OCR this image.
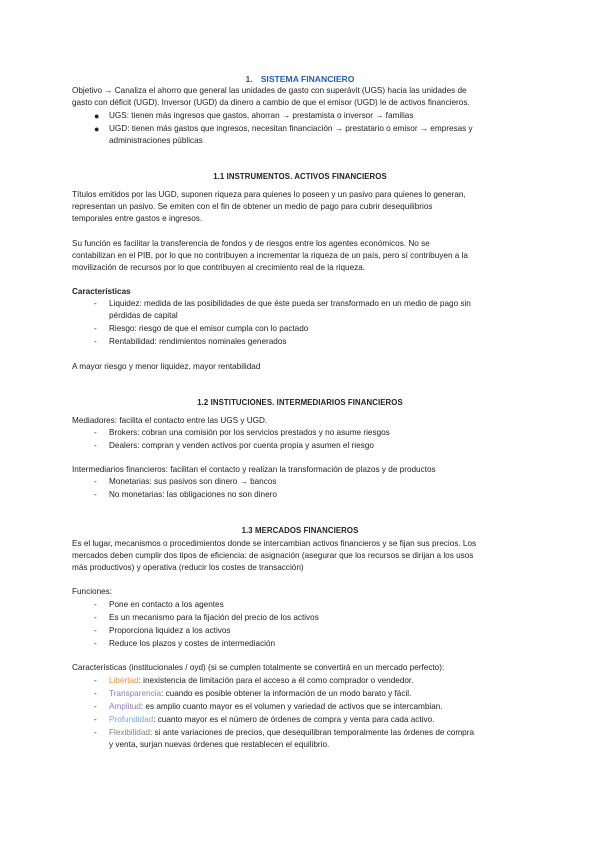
1. SISTEMA FINANCIERO
Objetivo → Canaliza el ahorro que general las unidades de gasto con superávit (UGS) hacia las unidades de
gasto con déficit (UGD). Inversor (UGD) da dinero a cambio de que el emisor (UGD) le de activos financieros.
● UGS: tienen más ingresos que gastos, ahorran → prestamista o inversor → familias
● UGD: tienen más gastos que ingresos, necesitan financiación → prestatario o emisor → empresas y
administraciones públicas
1.1 INSTRUMENTOS. ACTIVOS FINANCIEROS
Títulos emitidos por las UGD, suponen riqueza para quienes lo poseen y un pasivo para quienes lo generan,
representan un pasivo. Se emiten con el fin de obtener un medio de pago para cubrir desequilibrios
temporales entre gastos e ingresos.
Su función es facilitar la transferencia de fondos y de riesgos entre los agentes económicos. No se
contabilizan en el PIB, por lo que no contribuyen a incrementar la riqueza de un país, pero sí contribuyen a la
movilización de recursos por lo que contribuyen al crecimiento real de la riqueza.
Características
- Liquidez: medida de las posibilidades de que éste pueda ser transformado en un medio de pago sin
pérdidas de capital
- Riesgo: riesgo de que el emisor cumpla con lo pactado
- Rentabilidad: rendimientos nominales generados
A mayor riesgo y menor liquidez, mayor rentabilidad
1.2 INSTITUCIONES. INTERMEDIARIOS FINANCIEROS
Mediadores: facilita el contacto entre las UGS y UGD.
- Brokers: cobran una comisión por los servicios prestados y no asume riesgos
- Dealers: compran y venden activos por cuenta propia y asumen el riesgo
Intermediarios financieros: facilitan el contacto y realizan la transformación de plazos y de productos
- Monetarias: sus pasivos son dinero → bancos
- No monetarias: las obligaciones no son dinero
1.3 MERCADOS FINANCIEROS
Es el lugar, mecanismos o procedimientos donde se intercambian activos financieros y se fijan sus precios. Los
mercados deben cumplir dos tipos de eficiencia: de asignación (asegurar que los recursos se dirijan a los usos
más productivos) y operativa (reducir los costes de transacción)
Funciones:
- Pone en contacto a los agentes
- Es un mecanismo para la fijación del precio de los activos
- Proporciona liquidez a los activos
- Reduce los plazos y costes de intermediación
Características (institucionales / oyd) (si se cumplen totalmente se convertirá en un mercado perfecto):
- Libertad: inexistencia de limitación para el acceso a él como comprador o vendedor.
- Transparencia: cuando es posible obtener la información de un modo barato y fácil.
- Amplitud: es amplio cuanto mayor es el volumen y variedad de activos que se intercambian.
- Profundidad: cuanto mayor es el número de órdenes de compra y venta para cada activo.
- Flexibilidad: si ante variaciones de precios, que desequilibran temporalmente las órdenes de compra
y venta, surjan nuevas órdenes que restablecen el equilibrio.
